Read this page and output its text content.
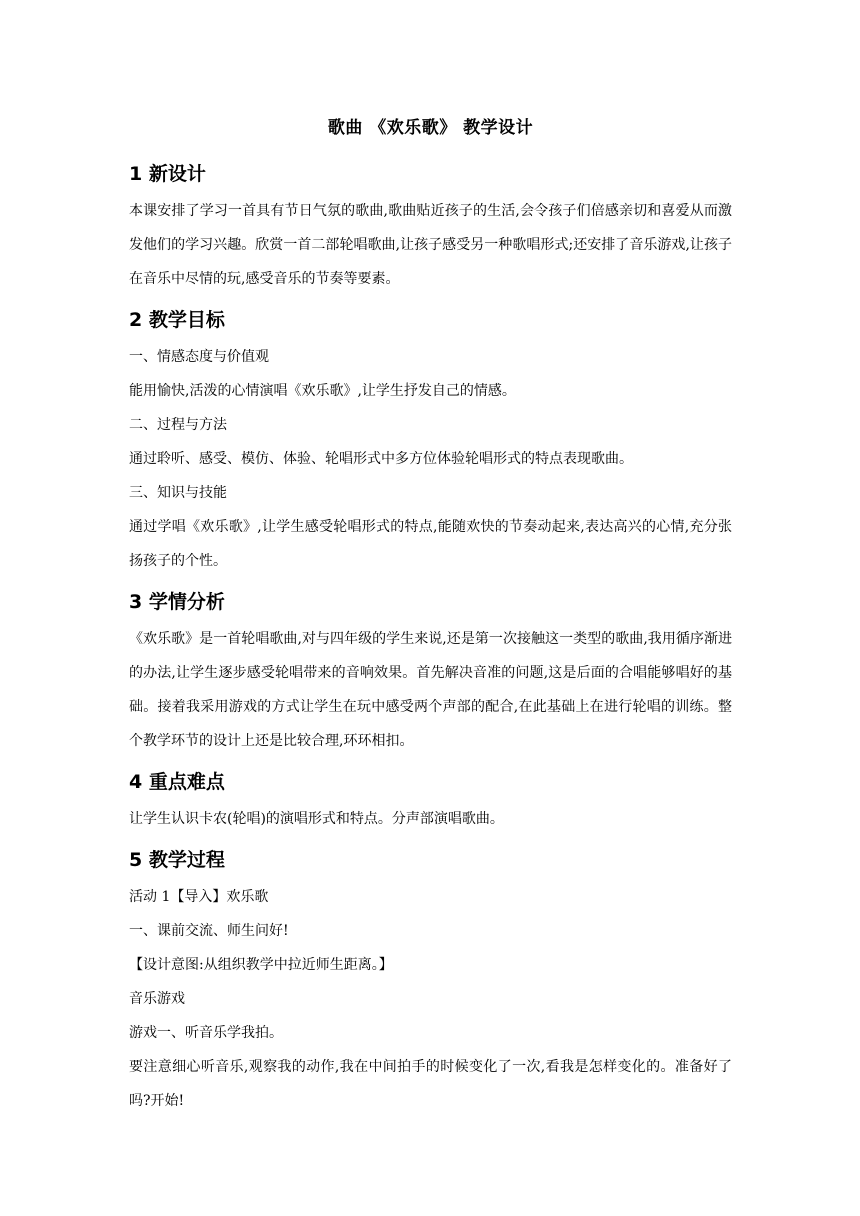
歌曲 《欢乐歌》 教学设计
1 新设计

本课安排了学习一首具有节日气氛的歌曲,歌曲贴近孩子的生活,会令孩子们倍感亲切和喜爱从而激发他们的学习兴趣。欣赏一首二部轮唱歌曲,让孩子感受另一种歌唱形式;还安排了音乐游戏,让孩子在音乐中尽情的玩,感受音乐的节奏等要素。

2 教学目标

一、情感态度与价值观

能用愉快,活泼的心情演唱《欢乐歌》,让学生抒发自己的情感。

二、过程与方法

通过聆听、感受、模仿、体验、轮唱形式中多方位体验轮唱形式的特点表现歌曲。

三、知识与技能

通过学唱《欢乐歌》,让学生感受轮唱形式的特点,能随欢快的节奏动起来,表达高兴的心情,充分张扬孩子的个性。

3 学情分析

《欢乐歌》是一首轮唱歌曲,对与四年级的学生来说,还是第一次接触这一类型的歌曲,我用循序渐进的办法,让学生逐步感受轮唱带来的音响效果。首先解决音准的问题,这是后面的合唱能够唱好的基础。接着我采用游戏的方式让学生在玩中感受两个声部的配合,在此基础上在进行轮唱的训练。整个教学环节的设计上还是比较合理,环环相扣。

4 重点难点

让学生认识卡农(轮唱)的演唱形式和特点。分声部演唱歌曲。

5 教学过程

活动 1【导入】欢乐歌

一、课前交流、师生问好!

【设计意图:从组织教学中拉近师生距离。】

音乐游戏

游戏一、听音乐学我拍。

要注意细心听音乐,观察我的动作,我在中间拍手的时候变化了一次,看我是怎样变化的。准备好了吗?开始!
